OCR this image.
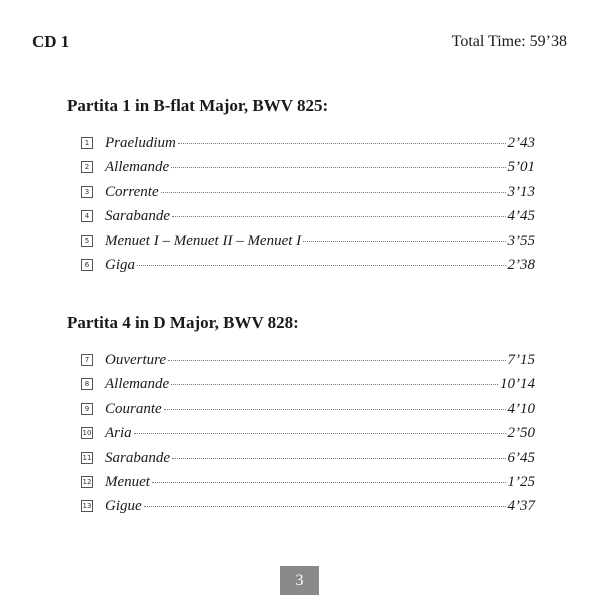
CD 1	Total Time: 59’38
Partita 1 in B-flat Major, BWV 825:
1 Praeludium	2’43
2 Allemande	5’01
3 Corrente	3’13
4 Sarabande	4’45
5 Menuet I – Menuet II – Menuet I	3’55
6 Giga	2’38
Partita 4 in D Major, BWV 828:
7 Ouverture	7’15
8 Allemande	10’14
9 Courante	4’10
10 Aria	2’50
11 Sarabande	6’45
12 Menuet	1’25
13 Gigue	4’37
3
